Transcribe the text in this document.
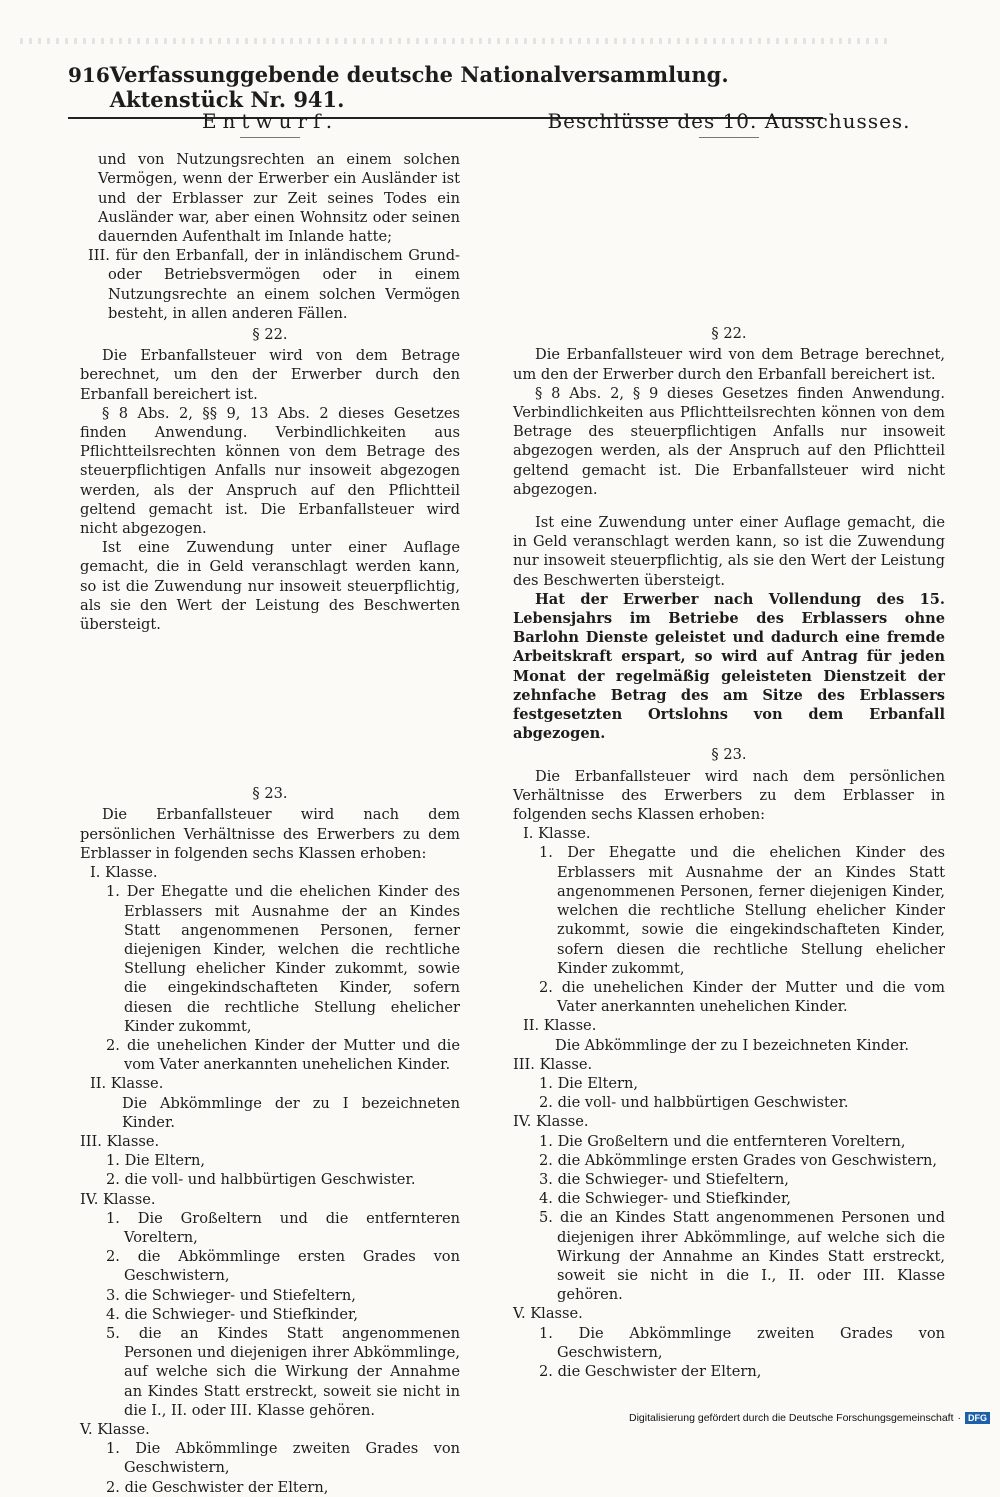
916 Verfassunggebende deutsche Nationalversammlung. Aktenstück Nr. 941.
Entwurf.

und von Nutzungsrechten an einem solchen Vermögen, wenn der Erwerber ein Ausländer ist und der Erblasser zur Zeit seines Todes ein Ausländer war, aber einen Wohnsitz oder seinen dauernden Aufenthalt im Inlande hatte;

III. für den Erbanfall, der in inländischem Grund- oder Betriebsvermögen oder in einem Nutzungsrechte an einem solchen Vermögen besteht, in allen anderen Fällen.

§ 22.

Die Erbanfallsteuer wird von dem Betrage berechnet, um den der Erwerber durch den Erbanfall bereichert ist.

§ 8 Abs. 2, §§ 9, 13 Abs. 2 dieses Gesetzes finden Anwendung. Verbindlichkeiten aus Pflichtteilsrechten können von dem Betrage des steuerpflichtigen Anfalls nur insoweit abgezogen werden, als der Anspruch auf den Pflichtteil geltend gemacht ist. Die Erbanfallsteuer wird nicht abgezogen.

Ist eine Zuwendung unter einer Auflage gemacht, die in Geld veranschlagt werden kann, so ist die Zuwendung nur insoweit steuerpflichtig, als sie den Wert der Leistung des Beschwerten übersteigt.

§ 23.

Die Erbanfallsteuer wird nach dem persönlichen Verhältnisse des Erwerbers zu dem Erblasser in folgenden sechs Klassen erhoben:

I. Klasse.

1. Der Ehegatte und die ehelichen Kinder des Erblassers mit Ausnahme der an Kindes Statt angenommenen Personen, ferner diejenigen Kinder, welchen die rechtliche Stellung ehelicher Kinder zukommt, sowie die eingekindschafteten Kinder, sofern diesen die rechtliche Stellung ehelicher Kinder zukommt,

2. die unehelichen Kinder der Mutter und die vom Vater anerkannten unehelichen Kinder.

II. Klasse.

Die Abkömmlinge der zu I bezeichneten Kinder.

III. Klasse.

1. Die Eltern,

2. die voll- und halbbürtigen Geschwister.

IV. Klasse.

1. Die Großeltern und die entfernteren Voreltern,

2. die Abkömmlinge ersten Grades von Geschwistern,

3. die Schwieger- und Stiefeltern,

4. die Schwieger- und Stiefkinder,

5. die an Kindes Statt angenommenen Personen und diejenigen ihrer Abkömmlinge, auf welche sich die Wirkung der Annahme an Kindes Statt erstreckt, soweit sie nicht in die I., II. oder III. Klasse gehören.

V. Klasse.

1. Die Abkömmlinge zweiten Grades von Geschwistern,

2. die Geschwister der Eltern,

Beschlüsse des 10. Ausschusses.
§ 22.

Die Erbanfallsteuer wird von dem Betrage berechnet, um den der Erwerber durch den Erbanfall bereichert ist.

§ 8 Abs. 2, § 9 dieses Gesetzes finden Anwendung. Verbindlichkeiten aus Pflichtteilsrechten können von dem Betrage des steuerpflichtigen Anfalls nur insoweit abgezogen werden, als der Anspruch auf den Pflichtteil geltend gemacht ist. Die Erbanfallsteuer wird nicht abgezogen.

Ist eine Zuwendung unter einer Auflage gemacht, die in Geld veranschlagt werden kann, so ist die Zuwendung nur insoweit steuerpflichtig, als sie den Wert der Leistung des Beschwerten übersteigt.

Hat der Erwerber nach Vollendung des 15. Lebensjahrs im Betriebe des Erblassers ohne Barlohn Dienste geleistet und dadurch eine fremde Arbeitskraft erspart, so wird auf Antrag für jeden Monat der regelmäßig geleisteten Dienstzeit der zehnfache Betrag des am Sitze des Erblassers festgesetzten Ortslohns von dem Erbanfall abgezogen.

§ 23.

Die Erbanfallsteuer wird nach dem persönlichen Verhältnisse des Erwerbers zu dem Erblasser in folgenden sechs Klassen erhoben:

I. Klasse.

1. Der Ehegatte und die ehelichen Kinder des Erblassers mit Ausnahme der an Kindes Statt angenommenen Personen, ferner diejenigen Kinder, welchen die rechtliche Stellung ehelicher Kinder zukommt, sowie die eingekindschafteten Kinder, sofern diesen die rechtliche Stellung ehelicher Kinder zukommt,

2. die unehelichen Kinder der Mutter und die vom Vater anerkannten unehelichen Kinder.

II. Klasse.

Die Abkömmlinge der zu I bezeichneten Kinder.

III. Klasse.

1. Die Eltern,

2. die voll- und halbbürtigen Geschwister.

IV. Klasse.

1. Die Großeltern und die entfernteren Voreltern,

2. die Abkömmlinge ersten Grades von Geschwistern,

3. die Schwieger- und Stiefeltern,

4. die Schwieger- und Stiefkinder,

5. die an Kindes Statt angenommenen Personen und diejenigen ihrer Abkömmlinge, auf welche sich die Wirkung der Annahme an Kindes Statt erstreckt, soweit sie nicht in die I., II. oder III. Klasse gehören.

V. Klasse.

1. Die Abkömmlinge zweiten Grades von Geschwistern,

2. die Geschwister der Eltern,

Digitalisierung gefördert durch die Deutsche Forschungsgemeinschaft · DFG
